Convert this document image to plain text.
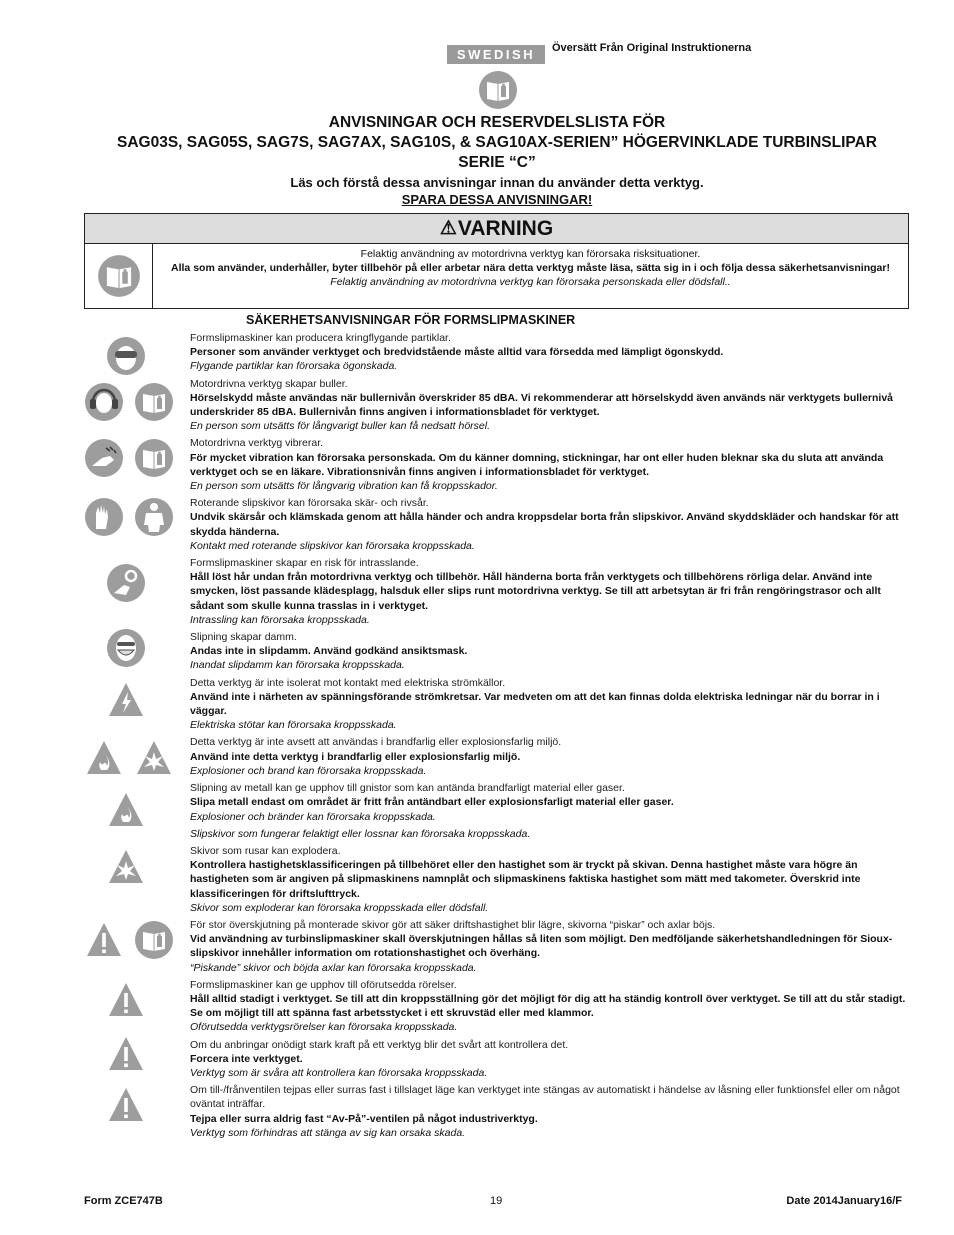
SWEDISH	Översätt Från Original Instruktionerna
ANVISNINGAR OCH RESERVDELSLISTA FÖR
SAG03S, SAG05S, SAG7S, SAG7AX, SAG10S, & SAG10AX-SERIEN” HÖGERVINKLADE TURBINSLIPAR
SERIE “C”
Läs och förstå dessa anvisningar innan du använder detta verktyg.
SPARA DESSA ANVISNINGAR!
⚠VARNING
Felaktig användning av motordrivna verktyg kan förorsaka risksituationer.
Alla som använder, underhåller, byter tillbehör på eller arbetar nära detta verktyg måste läsa, sätta sig in i och följa dessa säkerhetsanvisningar!
Felaktig användning av motordrivna verktyg kan förorsaka personskada eller dödsfall..
SÄKERHETSANVISNINGAR FÖR FORMSLIPMASKINER
Formslipmaskiner kan producera kringflygande partiklar.
Personer som använder verktyget och bredvidstående måste alltid vara försedda med lämpligt ögonskydd.
Flygande partiklar kan förorsaka ögonskada.
Motordrivna verktyg skapar buller.
Hörselskydd måste användas när bullernivån överskrider 85 dBA. Vi rekommenderar att hörselskydd även används när verktygets bullernivå underskrider 85 dBA. Bullernivån finns angiven i informationsbladet för verktyget.
En person som utsätts för långvarigt buller kan få nedsatt hörsel.
Motordrivna verktyg vibrerar.
För mycket vibration kan förorsaka personskada. Om du känner domning, stickningar, har ont eller huden bleknar ska du sluta att använda verktyget och se en läkare. Vibrationsnivån finns angiven i informationsbladet för verktyget.
En person som utsätts för långvarig vibration kan få kroppsskador.
Roterande slipskivor kan förorsaka skär- och rivsår.
Undvik skärsår och klämskada genom att hålla händer och andra kroppsdelar borta från slipskivor. Använd skyddskläder och handskar för att skydda händerna.
Kontakt med roterande slipskivor kan förorsaka kroppsskada.
Formslipmaskiner skapar en risk för intrasslande.
Håll löst hår undan från motordrivna verktyg och tillbehör. Håll händerna borta från verktygets och tillbehörens rörliga delar. Använd inte smycken, löst passande klädesplagg, halsduk eller slips runt motordrivna verktyg. Se till att arbetsytan är fri från rengöringstrasor och allt sådant som skulle kunna trasslas in i verktyget.
Intrassling kan förorsaka kroppsskada.
Slipning skapar damm.
Andas inte in slipdamm. Använd godkänd ansiktsmask.
Inandat slipdamm kan förorsaka kroppsskada.
Detta verktyg är inte isolerat mot kontakt med elektriska strömkällor.
Använd inte i närheten av spänningsförande strömkretsar. Var medveten om att det kan finnas dolda elektriska ledningar när du borrar in i väggar.
Elektriska stötar kan förorsaka kroppsskada.
Detta verktyg är inte avsett att användas i brandfarlig eller explosionsfarlig miljö.
Använd inte detta verktyg i brandfarlig eller explosionsfarlig miljö.
Explosioner och brand kan förorsaka kroppsskada.
Slipning av metall kan ge upphov till gnistor som kan antända brandfarligt material eller gaser.
Slipa metall endast om området är fritt från antändbart eller explosionsfarligt material eller gaser.
Explosioner och bränder kan förorsaka kroppsskada.
Slipskivor som fungerar felaktigt eller lossnar kan förorsaka kroppsskada.
Skivor som rusar kan explodera.
Kontrollera hastighetsklassificeringen på tillbehöret eller den hastighet som är tryckt på skivan. Denna hastighet måste vara högre än hastigheten som är angiven på slipmaskinens namnplåt och slipmaskinens faktiska hastighet som mätt med takometer. Överskrid inte klassificeringen för driftslufttryck.
Skivor som exploderar kan förorsaka kroppsskada eller dödsfall.
För stor överskjutning på monterade skivor gör att säker driftshastighet blir lägre, skivorna “piskar” och axlar böjs.
Vid användning av turbinslipmaskiner skall överskjutningen hållas så liten som möjligt. Den medföljande säkerhetshandledningen för Sioux-slipskivor innehåller information om rotationshastighet och överhäng.
“Piskande” skivor och böjda axlar kan förorsaka kroppsskada.
Formslipmaskiner kan ge upphov till oförutsedda rörelser.
Håll alltid stadigt i verktyget. Se till att din kroppsställning gör det möjligt för dig att ha ständig kontroll över verktyget. Se till att du står stadigt. Se om möjligt till att spänna fast arbetsstycket i ett skruvstäd eller med klammor.
Oförutsedda verktygsrörelser kan förorsaka kroppsskada.
Om du anbringar onödigt stark kraft på ett verktyg blir det svårt att kontrollera det.
Forcera inte verktyget.
Verktyg som är svåra att kontrollera kan förorsaka kroppsskada.
Om till-/frånventilen tejpas eller surras fast i tillslaget läge kan verktyget inte stängas av automatiskt i händelse av låsning eller funktionsfel eller om något oväntat inträffar.
Tejpa eller surra aldrig fast “Av-På”-ventilen på något industriverktyg.
Verktyg som förhindras att stänga av sig kan orsaka skada.
Form ZCE747B	19	Date 2014January16/F
